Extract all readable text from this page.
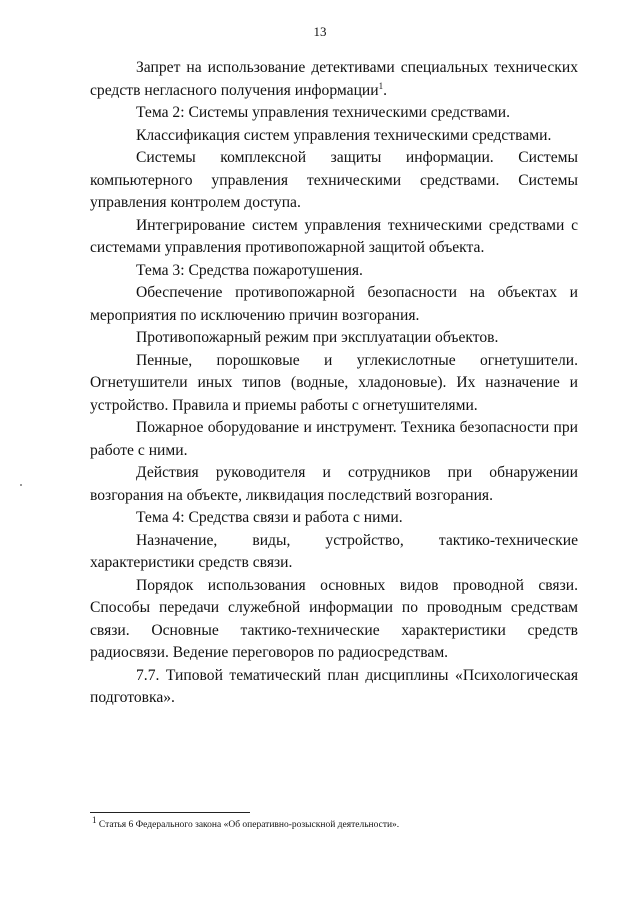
13

Запрет на использование детективами специальных технических средств негласного получения информации$^1$.

Тема 2: Системы управления техническими средствами.

Классификация систем управления техническими средствами.

Системы комплексной защиты информации. Системы компьютерного управления техническими средствами. Системы управления контролем доступа.

Интегрирование систем управления техническими средствами с системами управления противопожарной защитой объекта.

Тема 3: Средства пожаротушения.

Обеспечение противопожарной безопасности на объектах и мероприятия по исключению причин возгорания.

Противопожарный режим при эксплуатации объектов.

Пенные, порошковые и углекислотные огнетушители. Огнетушители иных типов (водные, хладоновые). Их назначение и устройство. Правила и приемы работы с огнетушителями.

Пожарное оборудование и инструмент. Техника безопасности при работе с ними.

Действия руководителя и сотрудников при обнаружении возгорания на объекте, ликвидация последствий возгорания.

Тема 4: Средства связи и работа с ними.

Назначение, виды, устройство, тактико-технические характеристики средств связи.

Порядок использования основных видов проводной связи. Способы передачи служебной информации по проводным средствам связи. Основные тактико-технические характеристики средств радиосвязи. Ведение переговоров по радиосредствам.

7.7. Типовой тематический план дисциплины «Психологическая подготовка».

1 Статья 6 Федерального закона «Об оперативно-розыскной деятельности».
